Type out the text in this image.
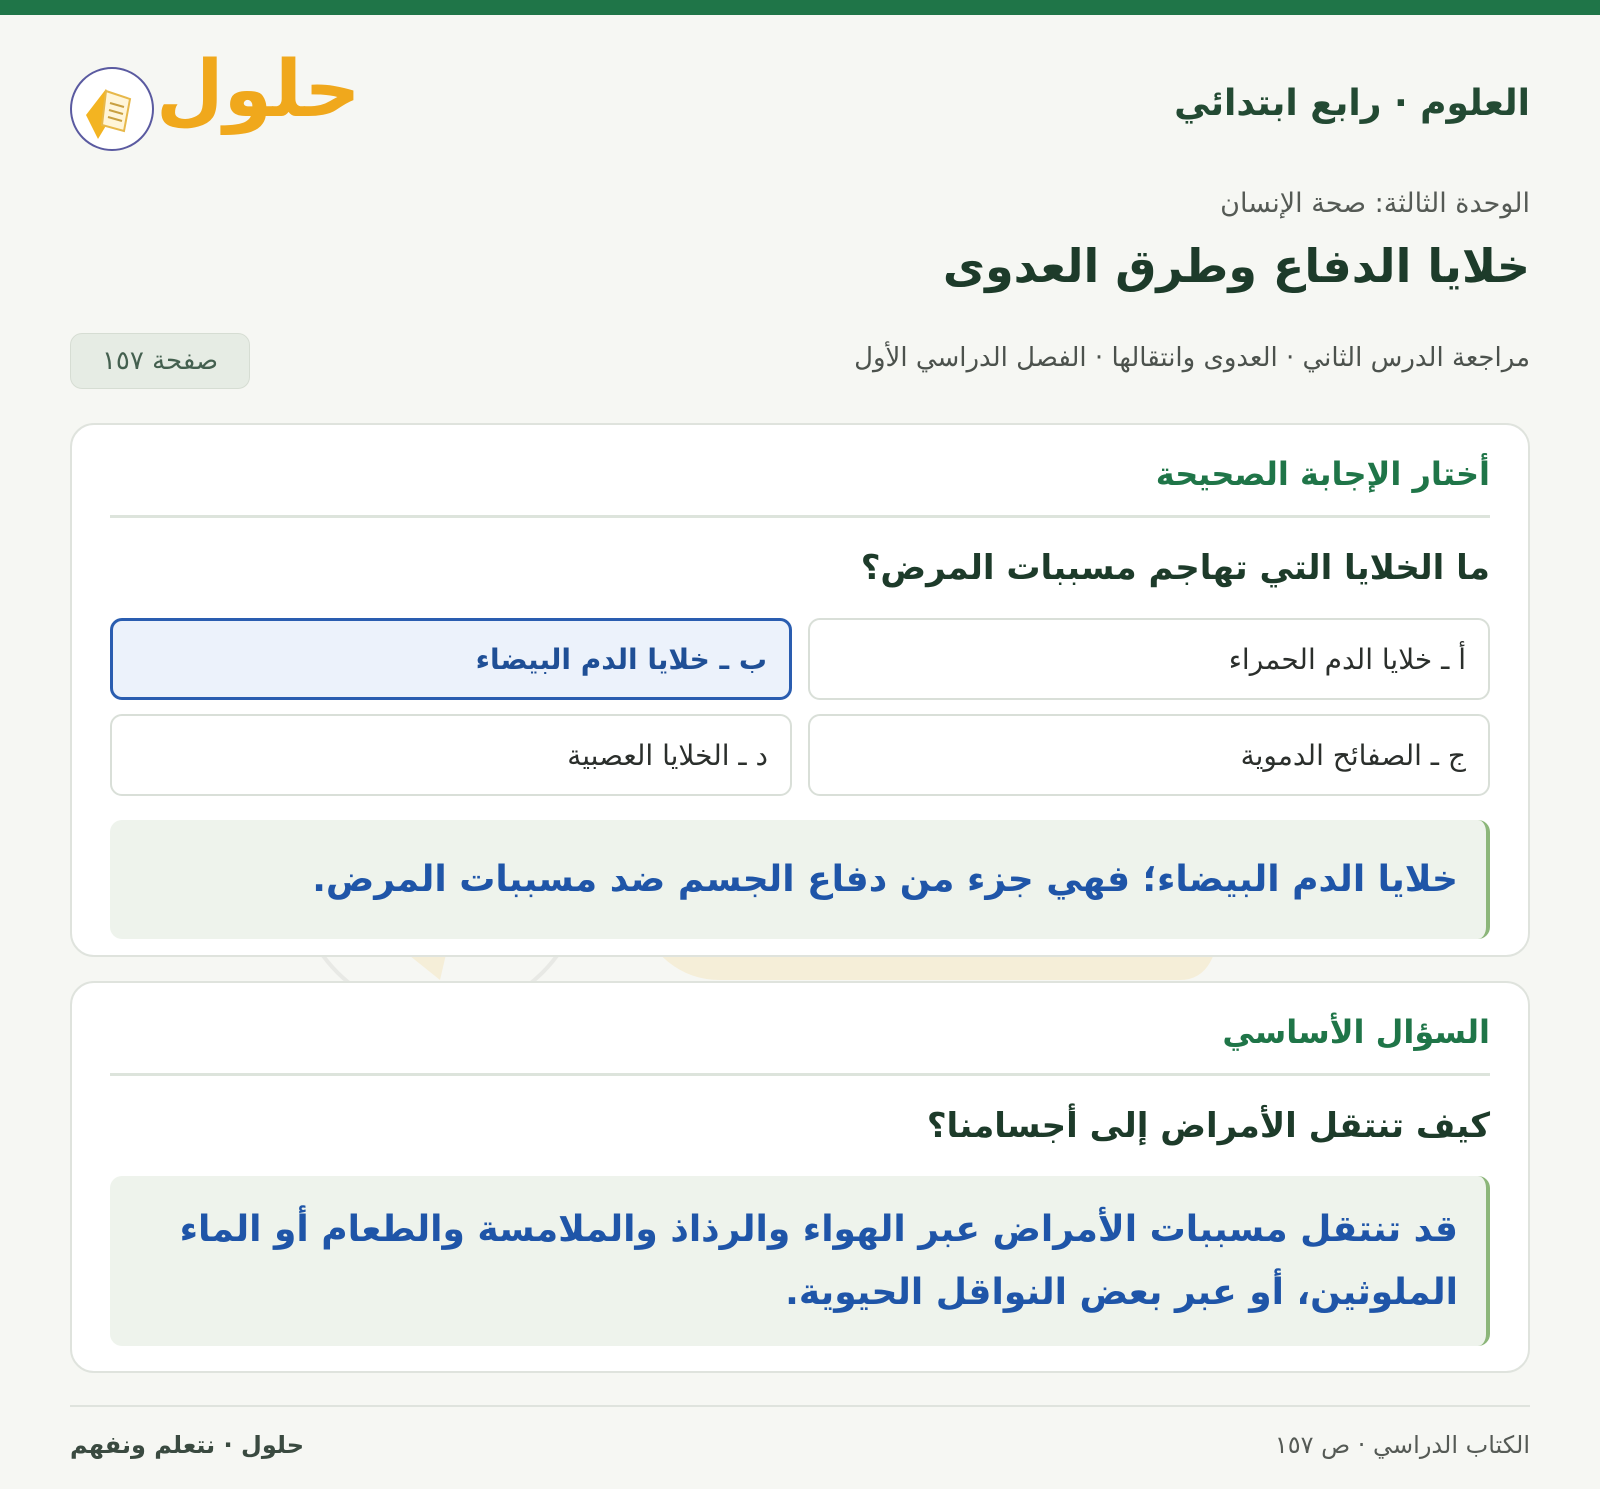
العلوم · رابع ابتدائي
حلول
الوحدة الثالثة: صحة الإنسان
خلايا الدفاع وطرق العدوى
مراجعة الدرس الثاني · العدوى وانتقالها · الفصل الدراسي الأول
صفحة ١٥٧
أختار الإجابة الصحيحة
ما الخلايا التي تهاجم مسببات المرض؟
أ ـ خلايا الدم الحمراء
ب ـ خلايا الدم البيضاء
ج ـ الصفائح الدموية
د ـ الخلايا العصبية
خلايا الدم البيضاء؛ فهي جزء من دفاع الجسم ضد مسببات المرض.
السؤال الأساسي
كيف تنتقل الأمراض إلى أجسامنا؟
قد تنتقل مسببات الأمراض عبر الهواء والرذاذ والملامسة والطعام أو الماء الملوثين، أو عبر بعض النواقل الحيوية.
الكتاب الدراسي · ص ١٥٧
حلول · نتعلم ونفهم
